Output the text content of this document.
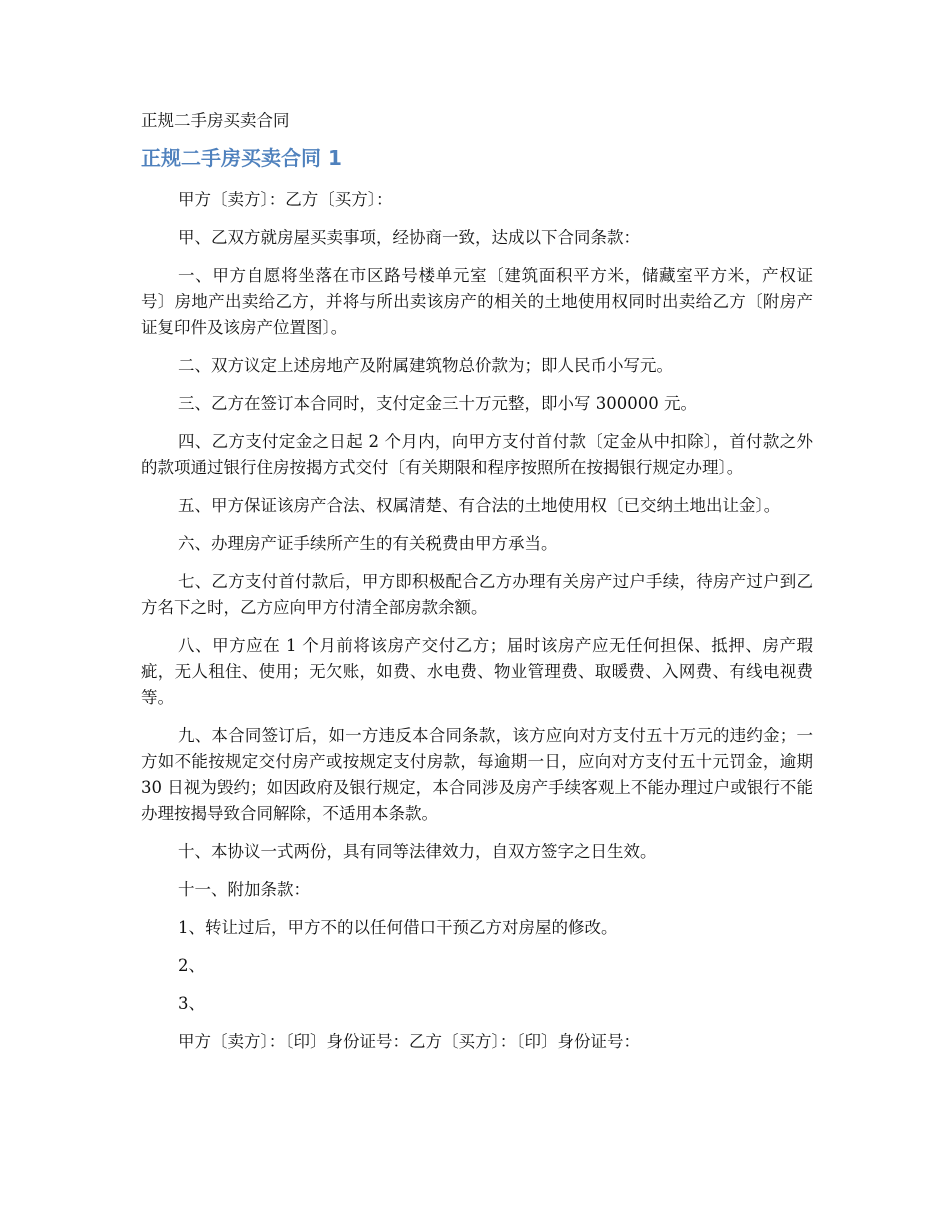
正规二手房买卖合同

正规二手房买卖合同 1

甲方〔卖方〕：乙方〔买方〕：

甲、乙双方就房屋买卖事项，经协商一致，达成以下合同条款：

一、甲方自愿将坐落在市区路号楼单元室〔建筑面积平方米，储藏室平方米，产权证号〕房地产出卖给乙方，并将与所出卖该房产的相关的土地使用权同时出卖给乙方〔附房产证复印件及该房产位置图〕。

二、双方议定上述房地产及附属建筑物总价款为；即人民币小写元。

三、乙方在签订本合同时，支付定金三十万元整，即小写 300000 元。

四、乙方支付定金之日起 2 个月内，向甲方支付首付款〔定金从中扣除〕，首付款之外的款项通过银行住房按揭方式交付〔有关期限和程序按照所在按揭银行规定办理〕。

五、甲方保证该房产合法、权属清楚、有合法的土地使用权〔已交纳土地出让金〕。

六、办理房产证手续所产生的有关税费由甲方承当。

七、乙方支付首付款后，甲方即积极配合乙方办理有关房产过户手续，待房产过户到乙方名下之时，乙方应向甲方付清全部房款余额。

八、甲方应在 1 个月前将该房产交付乙方；届时该房产应无任何担保、抵押、房产瑕疵，无人租住、使用；无欠账，如费、水电费、物业管理费、取暖费、入网费、有线电视费等。

九、本合同签订后，如一方违反本合同条款，该方应向对方支付五十万元的违约金；一方如不能按规定交付房产或按规定支付房款，每逾期一日，应向对方支付五十元罚金，逾期 30 日视为毁约；如因政府及银行规定，本合同涉及房产手续客观上不能办理过户或银行不能办理按揭导致合同解除，不适用本条款。

十、本协议一式两份，具有同等法律效力，自双方签字之日生效。

十一、附加条款：

1、转让过后，甲方不的以任何借口干预乙方对房屋的修改。

2、

3、

甲方〔卖方〕：〔印〕身份证号：乙方〔买方〕：〔印〕身份证号：
